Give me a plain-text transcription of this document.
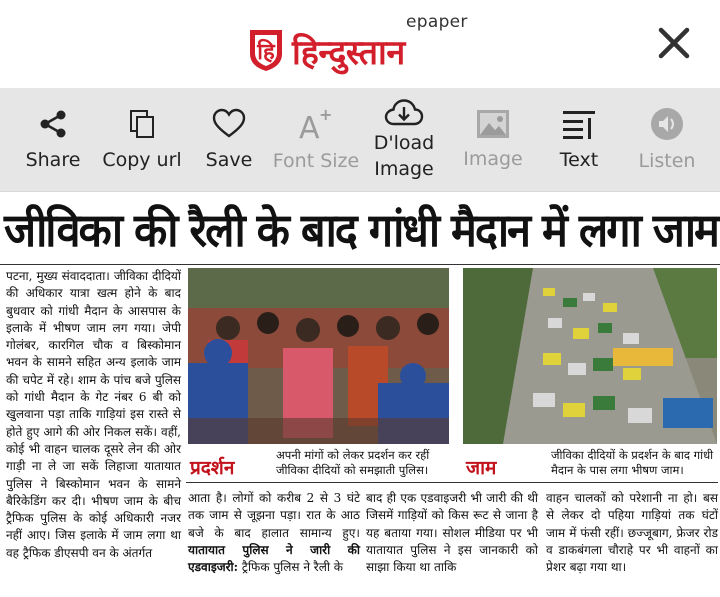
हि
epaper
हिन्दुस्तान
Share Copy url Save
A +
Font Size
D'load
Image Image Text Listen
जीविका की रैली के बाद गांधी मैदान में लगा जाम
पटना, मुख्य संवाददाता। जीविका दीदियों की अधिकार यात्रा खत्म होने के बाद बुधवार को गांधी मैदान के आसपास के इलाके में भीषण जाम लग गया। जेपी गोलंबर, कारगिल चौक व बिस्कोमान भवन के सामने सहित अन्य इलाके जाम की चपेट में रहे। शाम के पांच बजे पुलिस को गांधी मैदान के गेट नंबर 6 बी को खुलवाना पड़ा ताकि गाड़ियां इस रास्ते से होते हुए आगे की ओर निकल सकें। वहीं, कोई भी वाहन चालक दूसरे लेन की ओर गाड़ी ना ले जा सकें लिहाजा यातायात पुलिस ने बिस्कोमान भवन के सामने बैरिकेडिंग कर दी। भीषण जाम के बीच ट्रैफिक पुलिस के कोई अधिकारी नजर नहीं आए। जिस इलाके में जाम लगा था वह ट्रैफिक डीएसपी वन के अंतर्गत
प्रदर्शन
अपनी मांगों को लेकर प्रदर्शन कर रहीं जीविका दीदियों को समझाती पुलिस।	जाम
जीविका दीदियों के प्रदर्शन के बाद गांधी मैदान के पास लगा भीषण जाम।
आता है। लोगों को करीब 2 से 3 घंटे तक जाम से जूझना पड़ा। रात के आठ बजे के बाद हालात सामान्य हुए। यातायात पुलिस ने जारी की एडवाइजरी: ट्रैफिक पुलिस ने रैली के
बाद ही एक एडवाइजरी भी जारी की थी जिसमें गाड़ियों को किस रूट से जाना है यह बताया गया। सोशल मीडिया पर भी यातायात पुलिस ने इस जानकारी को साझा किया था ताकि
वाहन चालकों को परेशानी ना हो। बस से लेकर दो पहिया गाड़ियां तक घंटों जाम में फंसी रहीं। छज्जूबाग, फ्रेजर रोड व डाकबंगला चौराहे पर भी वाहनों का प्रेशर बढ़ा गया था।
